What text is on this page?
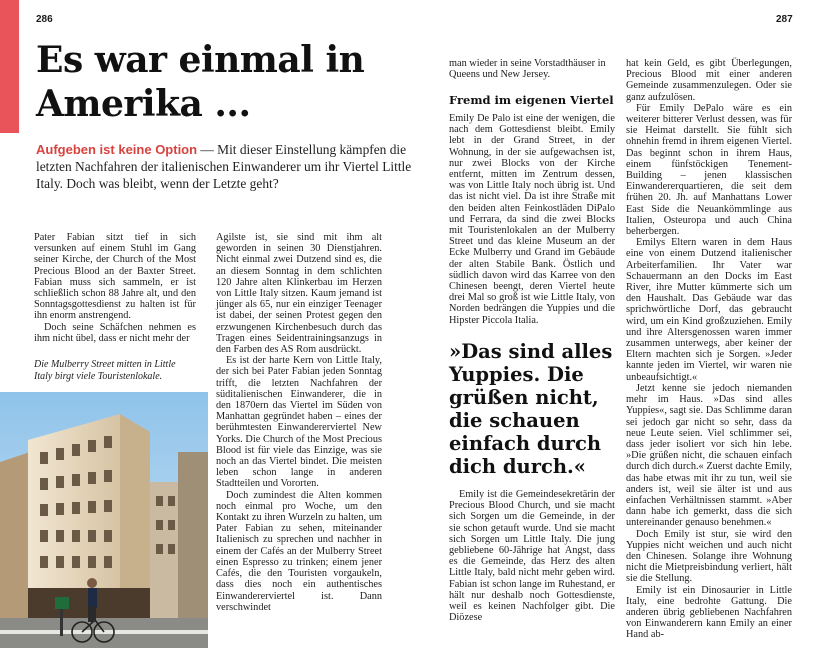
286	287
Es war einmal in Amerika ...
Aufgeben ist keine Option — Mit dieser Einstellung kämpfen die letzten Nachfahren der italienischen Einwanderer um ihr Viertel Little Italy. Doch was bleibt, wenn der Letzte geht?

Pater Fabian sitzt tief in sich versunken auf einem Stuhl im Gang seiner Kirche, der Church of the Most Precious Blood an der Baxter Street. Fabian muss sich sammeln, er ist schließlich schon 88 Jahre alt, und den Sonntagsgottesdienst zu halten ist für ihn enorm anstrengend.

Doch seine Schäfchen nehmen es ihm nicht übel, dass er nicht mehr der

Die Mulberry Street mitten in Little Italy birgt viele Touristenlokale.

Agilste ist, sie sind mit ihm alt geworden in seinen 30 Dienstjahren. Nicht einmal zwei Dutzend sind es, die an diesem Sonntag in dem schlichten 120 Jahre alten Klinkerbau im Herzen von Little Italy sitzen. Kaum jemand ist jünger als 65, nur ein einziger Teenager ist dabei, der seinen Protest gegen den erzwungenen Kirchenbesuch durch das Tragen eines Seidentrainingsanzugs in den Farben des AS Rom ausdrückt.

Es ist der harte Kern von Little Italy, der sich bei Pater Fabian jeden Sonntag trifft, die letzten Nachfahren der süditalienischen Einwanderer, die in den 1870ern das Viertel im Süden von Manhattan gegründet haben – eines der berühmtesten Einwandererviertel New Yorks. Die Church of the Most Precious Blood ist für viele das Einzige, was sie noch an das Viertel bindet. Die meisten leben schon lange in anderen Stadtteilen und Vororten.

Doch zumindest die Alten kommen noch einmal pro Woche, um den Kontakt zu ihren Wurzeln zu halten, um Pater Fabian zu sehen, miteinander Italienisch zu sprechen und nachher in einem der Cafés an der Mulberry Street einen Espresso zu trinken; einem jener Cafés, die den Touristen vorgaukeln, dass dies noch ein authentisches Einwandererviertel ist. Dann verschwindet

man wieder in seine Vorstadthäuser in Queens und New Jersey.

Fremd im eigenen Viertel

Emily De Palo ist eine der wenigen, die nach dem Gottesdienst bleibt. Emily lebt in der Grand Street, in der Wohnung, in der sie aufgewachsen ist, nur zwei Blocks von der Kirche entfernt, mitten im Zentrum dessen, was von Little Italy noch übrig ist. Und das ist nicht viel. Da ist ihre Straße mit den beiden alten Feinkostläden DiPalo und Ferrara, da sind die zwei Blocks mit Touristenlokalen an der Mulberry Street und das kleine Museum an der Ecke Mulberry und Grand im Gebäude der alten Stabile Bank. Östlich und südlich davon wird das Karree von den Chinesen beengt, deren Viertel heute drei Mal so groß ist wie Little Italy, von Norden bedrängen die Yuppies und die Hipster Piccola Italia.

»Das sind alles Yuppies. Die grüßen nicht, die schauen einfach durch dich durch.«

Emily ist die Gemeindesekretärin der Precious Blood Church, und sie macht sich Sorgen um die Gemeinde, in der sie schon getauft wurde. Und sie macht sich Sorgen um Little Italy. Die jung gebliebene 60-Jährige hat Angst, dass es die Gemeinde, das Herz des alten Little Italy, bald nicht mehr geben wird. Fabian ist schon lange im Ruhestand, er hält nur deshalb noch Gottesdienste, weil es keinen Nachfolger gibt. Die Diözese

hat kein Geld, es gibt Überlegungen, Precious Blood mit einer anderen Gemeinde zusammenzulegen. Oder sie ganz aufzulösen.

Für Emily DePalo wäre es ein weiterer bitterer Verlust dessen, was für sie Heimat darstellt. Sie fühlt sich ohnehin fremd in ihrem eigenen Viertel. Das beginnt schon in ihrem Haus, einem fünfstöckigen Tenement-Building – jenen klassischen Einwandererquartieren, die seit dem frühen 20. Jh. auf Manhattans Lower East Side die Neuankömmlinge aus Italien, Osteuropa und auch China beherbergen.

Emilys Eltern waren in dem Haus eine von einem Dutzend italienischer Arbeiterfamilien. Ihr Vater war Schauermann an den Docks im East River, ihre Mutter kümmerte sich um den Haushalt. Das Gebäude war das sprichwörtliche Dorf, das gebraucht wird, um ein Kind großzuziehen. Emily und ihre Altersgenossen waren immer zusammen unterwegs, aber keiner der Eltern machten sich je Sorgen. »Jeder kannte jeden im Viertel, wir waren nie unbeaufsichtigt.«

Jetzt kenne sie jedoch niemanden mehr im Haus. »Das sind alles Yuppies«, sagt sie. Das Schlimme daran sei jedoch gar nicht so sehr, dass da neue Leute seien. Viel schlimmer sei, dass jeder isoliert vor sich hin lebe. »Die grüßen nicht, die schauen einfach durch dich durch.« Zuerst dachte Emily, das habe etwas mit ihr zu tun, weil sie anders ist, weil sie älter ist und aus einfachen Verhältnissen stammt. »Aber dann habe ich gemerkt, dass die sich untereinander genauso benehmen.«

Doch Emily ist stur, sie wird den Yuppies nicht weichen und auch nicht den Chinesen. Solange ihre Wohnung nicht die Mietpreisbindung verliert, hält sie die Stellung.

Emily ist ein Dinosaurier in Little Italy, eine bedrohte Gattung. Die anderen übrig gebliebenen Nachfahren von Einwanderern kann Emily an einer Hand ab-
